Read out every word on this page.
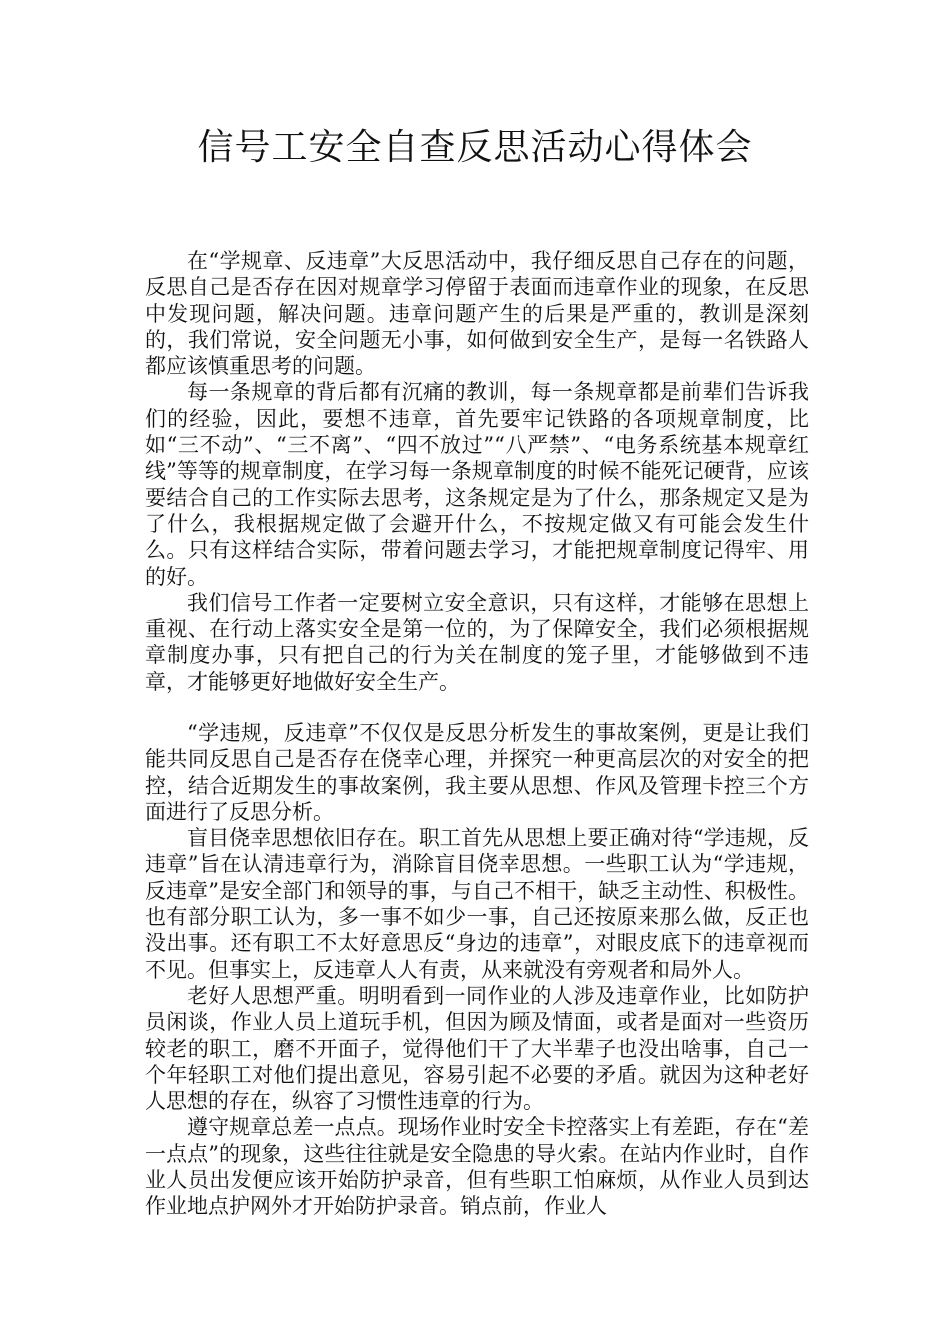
信号工安全自查反思活动心得体会

在“学规章、反违章”大反思活动中，我仔细反思自己存在的问题，反思自己是否存在因对规章学习停留于表面而违章作业的现象，在反思中发现问题，解决问题。违章问题产生的后果是严重的，教训是深刻的，我们常说，安全问题无小事，如何做到安全生产，是每一名铁路人都应该慎重思考的问题。

每一条规章的背后都有沉痛的教训，每一条规章都是前辈们告诉我们的经验，因此，要想不违章，首先要牢记铁路的各项规章制度，比如“三不动”、“三不离”、“四不放过”“八严禁”、“电务系统基本规章红线”等等的规章制度，在学习每一条规章制度的时候不能死记硬背，应该要结合自己的工作实际去思考，这条规定是为了什么，那条规定又是为了什么，我根据规定做了会避开什么，不按规定做又有可能会发生什么。只有这样结合实际，带着问题去学习，才能把规章制度记得牢、用的好。

我们信号工作者一定要树立安全意识，只有这样，才能够在思想上重视、在行动上落实安全是第一位的，为了保障安全，我们必须根据规章制度办事，只有把自己的行为关在制度的笼子里，才能够做到不违章，才能够更好地做好安全生产。

“学违规，反违章”不仅仅是反思分析发生的事故案例，更是让我们能共同反思自己是否存在侥幸心理，并探究一种更高层次的对安全的把控，结合近期发生的事故案例，我主要从思想、作风及管理卡控三个方面进行了反思分析。

盲目侥幸思想依旧存在。职工首先从思想上要正确对待“学违规，反违章”旨在认清违章行为，消除盲目侥幸思想。一些职工认为“学违规，反违章”是安全部门和领导的事，与自己不相干，缺乏主动性、积极性。也有部分职工认为，多一事不如少一事，自己还按原来那么做，反正也没出事。还有职工不太好意思反“身边的违章”，对眼皮底下的违章视而不见。但事实上，反违章人人有责，从来就没有旁观者和局外人。

老好人思想严重。明明看到一同作业的人涉及违章作业，比如防护员闲谈，作业人员上道玩手机，但因为顾及情面，或者是面对一些资历较老的职工，磨不开面子，觉得他们干了大半辈子也没出啥事，自己一个年轻职工对他们提出意见，容易引起不必要的矛盾。就因为这种老好人思想的存在，纵容了习惯性违章的行为。

遵守规章总差一点点。现场作业时安全卡控落实上有差距，存在“差一点点”的现象，这些往往就是安全隐患的导火索。在站内作业时，自作业人员出发便应该开始防护录音，但有些职工怕麻烦，从作业人员到达作业地点护网外才开始防护录音。销点前，作业人
